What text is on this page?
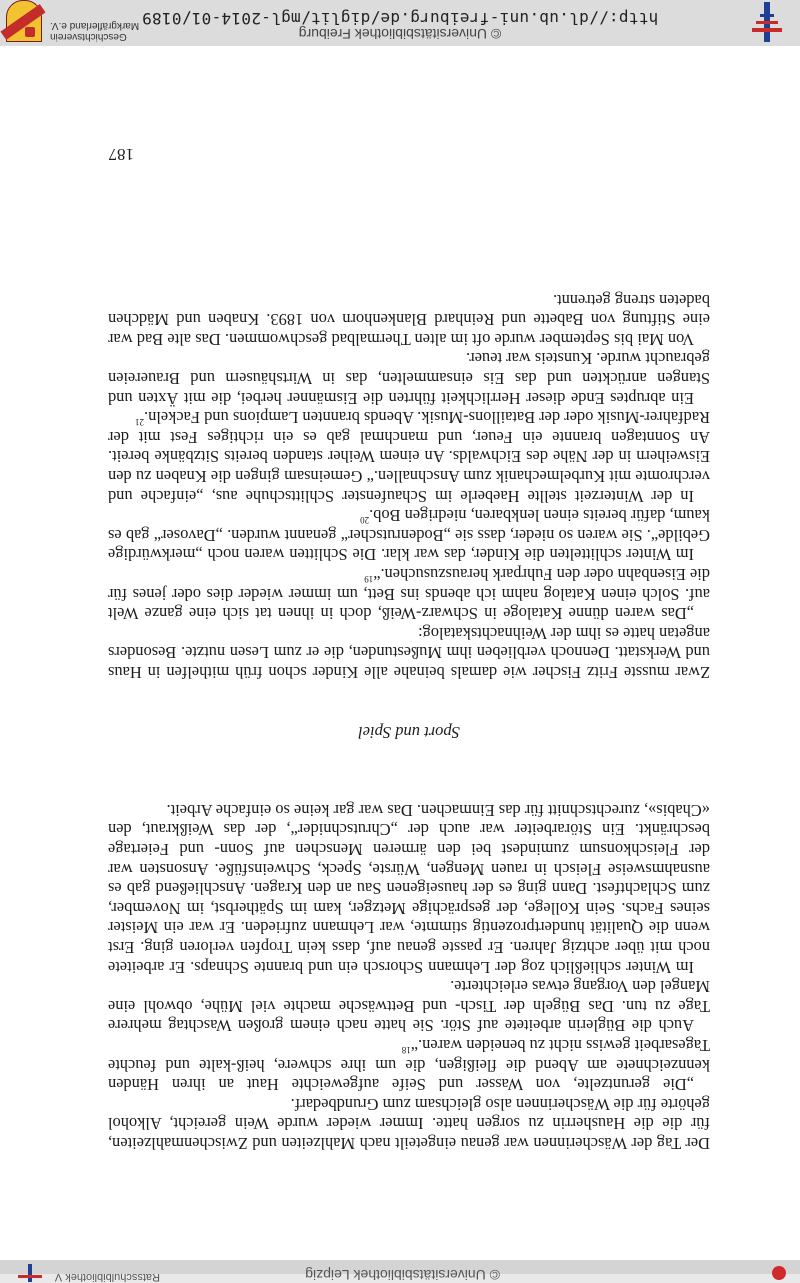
© Universitätsbibliothek Leipzig
Ratsschulbibliothek V

Der Tag der Wäscherinnen war genau eingeteilt nach Mahlzeiten und Zwischenmahlzeiten, für die die Hausherrin zu sorgen hatte. Immer wieder wurde Wein gereicht, Alkohol gehörte für die Wäscherinnen also gleichsam zum Grundbedarf.

„Die geruntzelte, von Wasser und Seife aufgeweichte Haut an ihren Händen kennzeichnete am Abend die fleißigen, die um ihre schwere, heiß-kalte und feuchte Tagesarbeit gewiss nicht zu beneiden waren.“$^{18}$

Auch die Büglerin arbeitete auf Stör. Sie hatte nach einem großen Waschtag mehrere Tage zu tun. Das Bügeln der Tisch- und Bettwäsche machte viel Mühe, obwohl eine Mangel den Vorgang etwas erleichterte.

Im Winter schließlich zog der Lehmann Schorsch ein und brannte Schnaps. Er arbeitete noch mit über achtzig Jahren. Er passte genau auf, dass kein Tropfen verloren ging. Erst wenn die Qualität hundertprozentig stimmte, war Lehmann zufrieden. Er war ein Meister seines Fachs. Sein Kollege, der gesprächige Metzger, kam im Spätherbst, im November, zum Schlachtfest. Dann ging es der hauseigenen Sau an den Kragen. Anschließend gab es ausnahmsweise Fleisch in rauen Mengen, Würste, Speck, Schweinsfüße. Ansonsten war der Fleischkonsum zumindest bei den ärmeren Menschen auf Sonn- und Feiertage beschränkt. Ein Störarbeiter war auch der „Chrutschnider“, der das Weißkraut, den «Chabis», zurechtschnitt für das Einmachen. Das war gar keine so einfache Arbeit.

Sport und Spiel

Zwar musste Fritz Fischer wie damals beinahe alle Kinder schon früh mithelfen in Haus und Werkstatt. Dennoch verblieben ihm Mußestunden, die er zum Lesen nutzte. Besonders angetan hatte es ihm der Weihnachtskatalog:

„Das waren dünne Kataloge in Schwarz-Weiß, doch in ihnen tat sich eine ganze Welt auf. Solch einen Katalog nahm ich abends ins Bett, um immer wieder dies oder jenes für die Eisenbahn oder den Fuhrpark herauszusuchen.“$^{19}$

Im Winter schlittelten die Kinder, das war klar. Die Schlitten waren noch „merkwürdige Gebilde“. Sie waren so nieder, dass sie „Bodenrutscher“ genannt wurden. „Davoser“ gab es kaum, dafür bereits einen lenkbaren, niedrigen Bob.$^{20}$

In der Winterzeit stellte Haeberle im Schaufenster Schlittschuhe aus, „einfache und verchromte mit Kurbelmechanik zum Anschnallen.“ Gemeinsam gingen die Knaben zu den Eisweihern in der Nähe des Eichwalds. An einem Weiher standen bereits Sitzbänke bereit. An Sonntagen brannte ein Feuer, und manchmal gab es ein richtiges Fest mit der Radfahrer-Musik oder der Bataillons-Musik. Abends brannten Lampions und Fackeln.$^{21}$

Ein abruptes Ende dieser Herrlichkeit führten die Eismänner herbei, die mit Äxten und Stangen anrückten und das Eis einsammelten, das in Wirtshäusern und Brauereien gebraucht wurde. Kunsteis war teuer.

Von Mai bis September wurde oft im alten Thermalbad geschwommen. Das alte Bad war eine Stiftung von Babette und Reinhard Blankenhorn von 1893. Knaben und Mädchen badeten streng getrennt.

187
© Universitätsbibliothek Freiburg
http://dl.ub.uni-freiburg.de/diglit/mgl-2014-01/0189
Geschichtsverein
Markgräflerland e.V.
